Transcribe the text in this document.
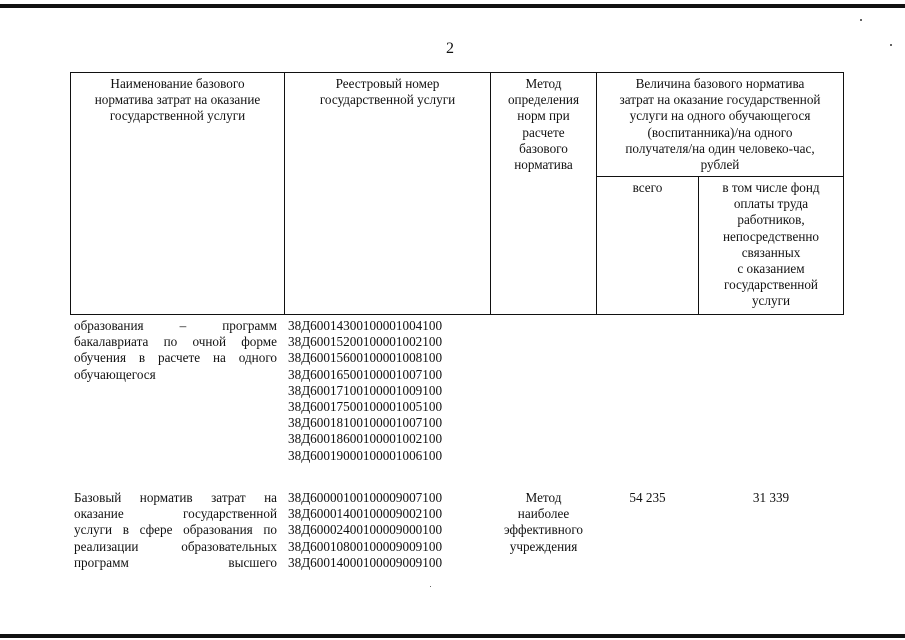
2
Наименование базового
норматива затрат на оказание
государственной услуги
Реестровый номер
государственной услуги
Метод
определения
норм при
расчете
базового
норматива
Величина базового норматива
затрат на оказание государственной
услуги на одного обучающегося
(воспитанника)/на одного
получателя/на один человеко-час,
рублей
всего	в том числе фонд
оплаты труда
работников,
непосредственно
связанных
с оказанием
государственной
услуги
образования – программ
бакалавриата по очной форме
обучения в расчете на одного
обучающегося
38Д60014300100001004100
38Д60015200100001002100
38Д60015600100001008100
38Д60016500100001007100
38Д60017100100001009100
38Д60017500100001005100
38Д60018100100001007100
38Д60018600100001002100
38Д60019000100001006100
Базовый норматив затрат на
оказание государственной
услуги в сфере образования по
реализации образовательных
программ высшего
38Д60000100100009007100
38Д60001400100009002100
38Д60002400100009000100
38Д60010800100009009100
38Д60014000100009009100
Метод
наиболее
эффективного
учреждения
54 235	31 339
